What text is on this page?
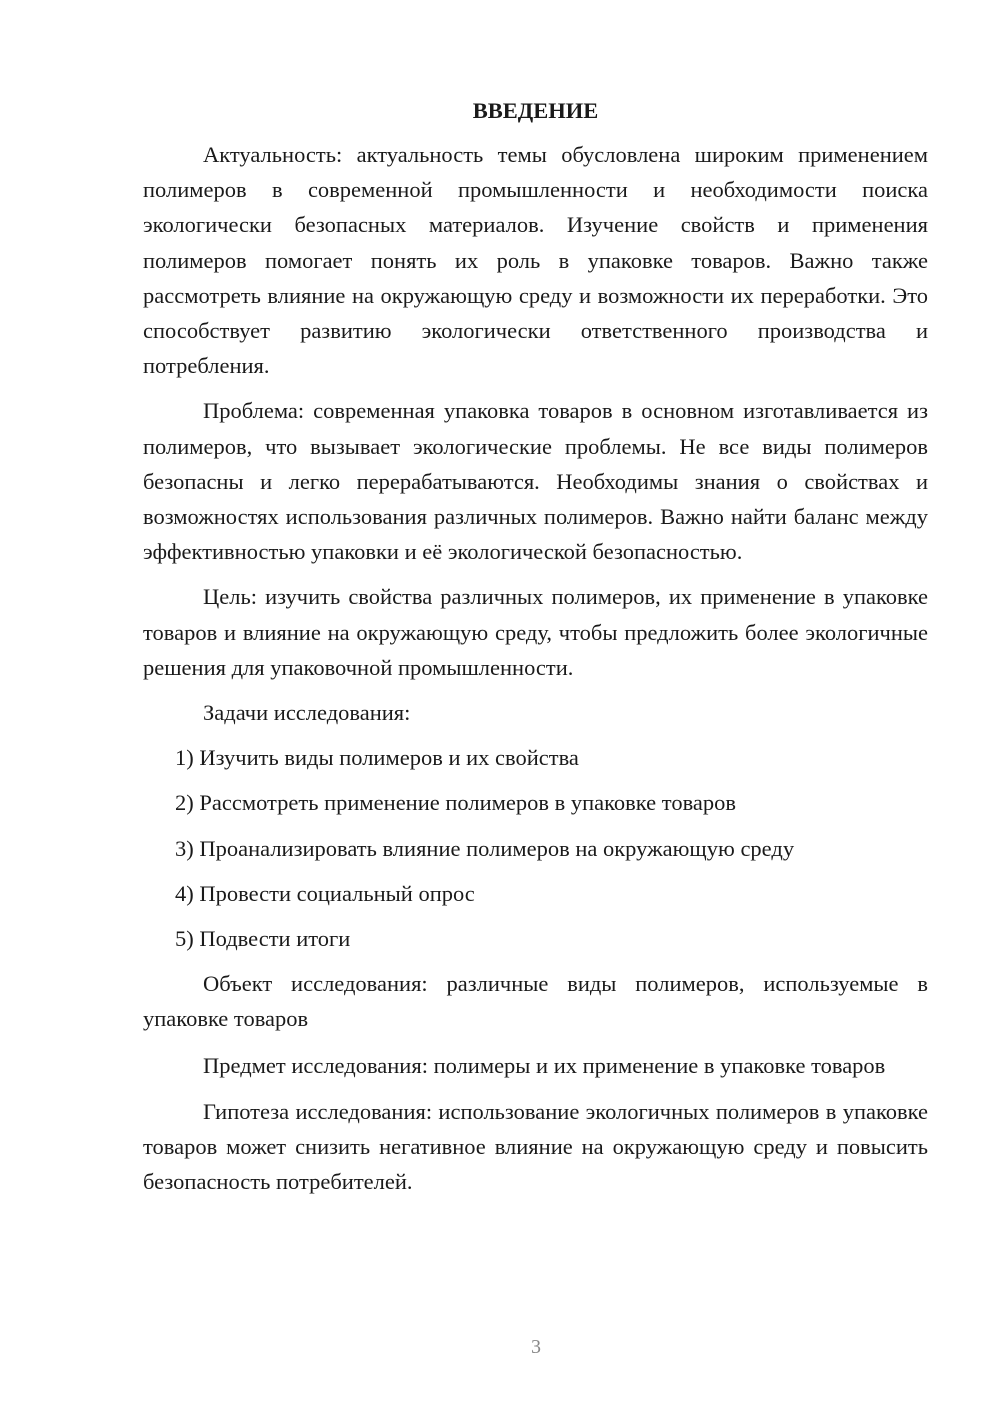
ВВЕДЕНИЕ

Актуальность: актуальность темы обусловлена широким применением полимеров в современной промышленности и необходимости поиска экологически безопасных материалов. Изучение свойств и применения полимеров помогает понять их роль в упаковке товаров. Важно также рассмотреть влияние на окружающую среду и возможности их переработки. Это способствует развитию экологически ответственного производства и потребления.

Проблема: современная упаковка товаров в основном изготавливается из полимеров, что вызывает экологические проблемы. Не все виды полимеров безопасны и легко перерабатываются. Необходимы знания о свойствах и возможностях использования различных полимеров. Важно найти баланс между эффективностью упаковки и её экологической безопасностью.

Цель: изучить свойства различных полимеров, их применение в упаковке товаров и влияние на окружающую среду, чтобы предложить более экологичные решения для упаковочной промышленности.

Задачи исследования:

1) Изучить виды полимеров и их свойства
2) Рассмотреть применение полимеров в упаковке товаров
3) Проанализировать влияние полимеров на окружающую среду
4) Провести социальный опрос
5) Подвести итоги

Объект исследования: различные виды полимеров, используемые в упаковке товаров

Предмет исследования: полимеры и их применение в упаковке товаров

Гипотеза исследования: использование экологичных полимеров в упаковке товаров может снизить негативное влияние на окружающую среду и повысить безопасность потребителей.

3
